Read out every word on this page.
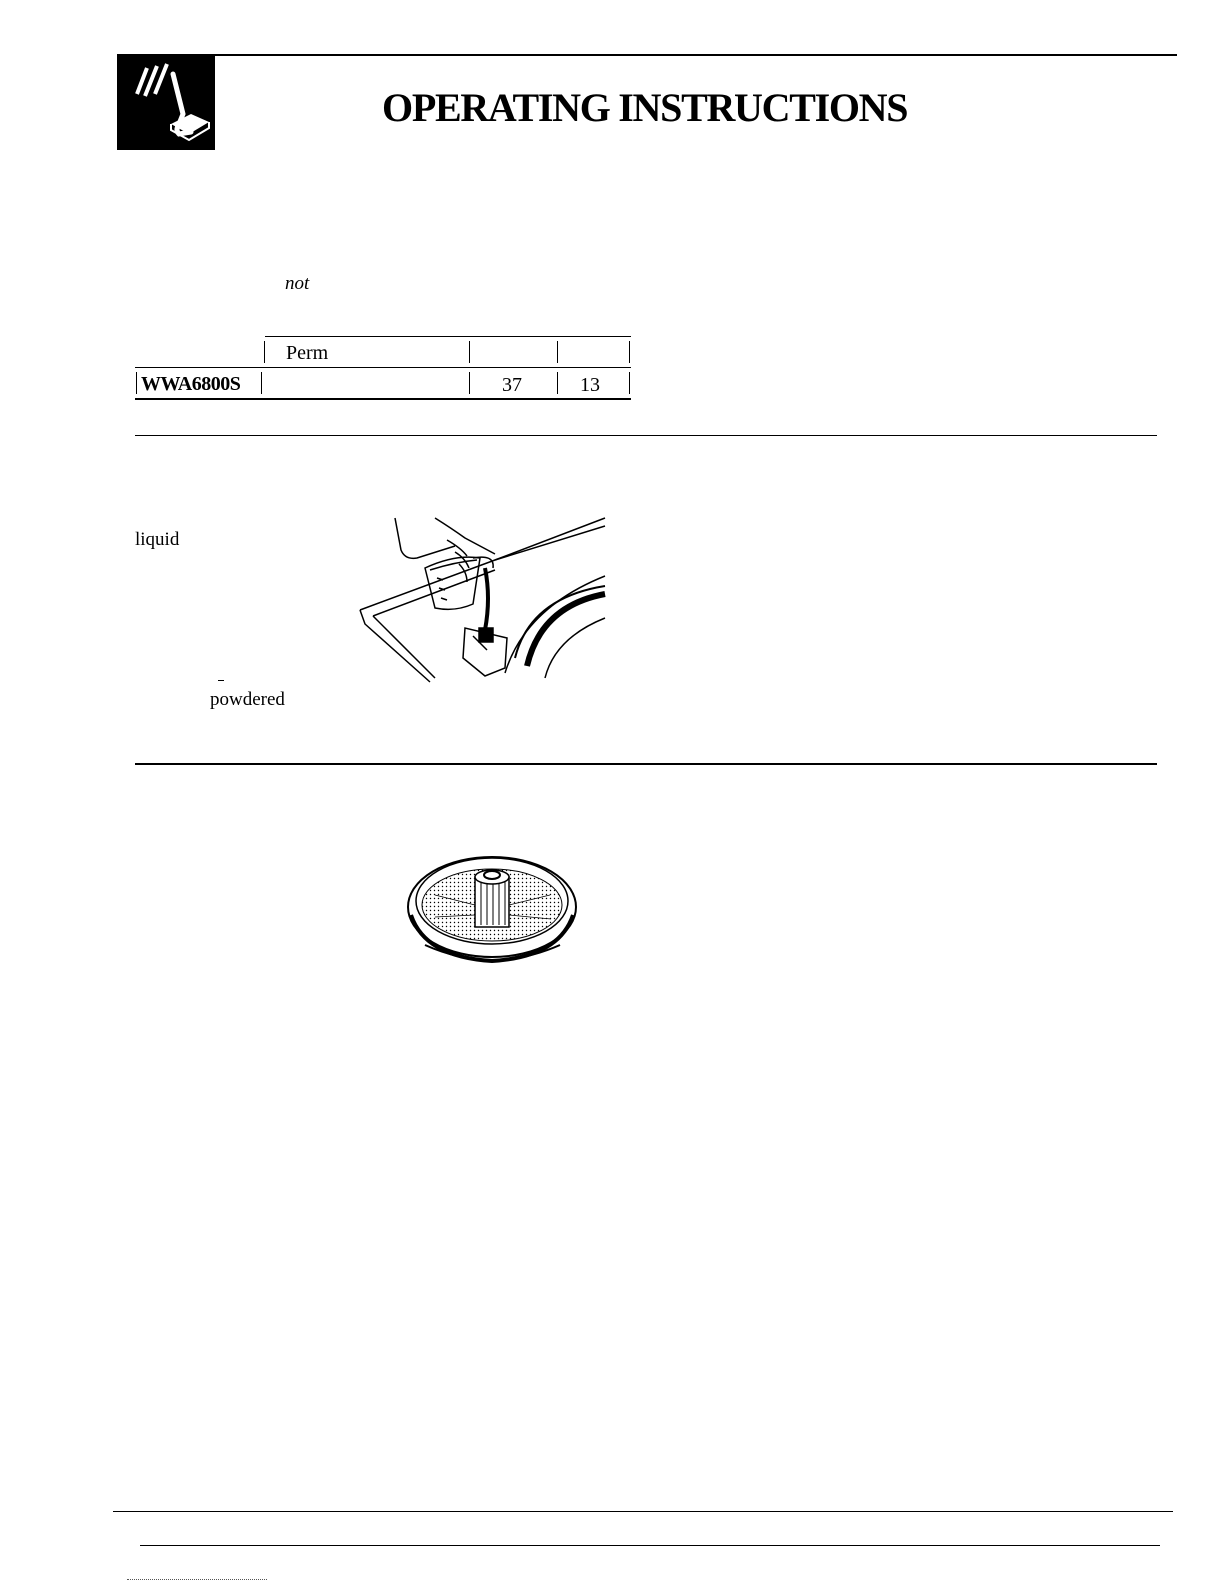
OPERATING INSTRUCTIONS
not
Perm
WWA6800S	37	13
liquid
powdered
